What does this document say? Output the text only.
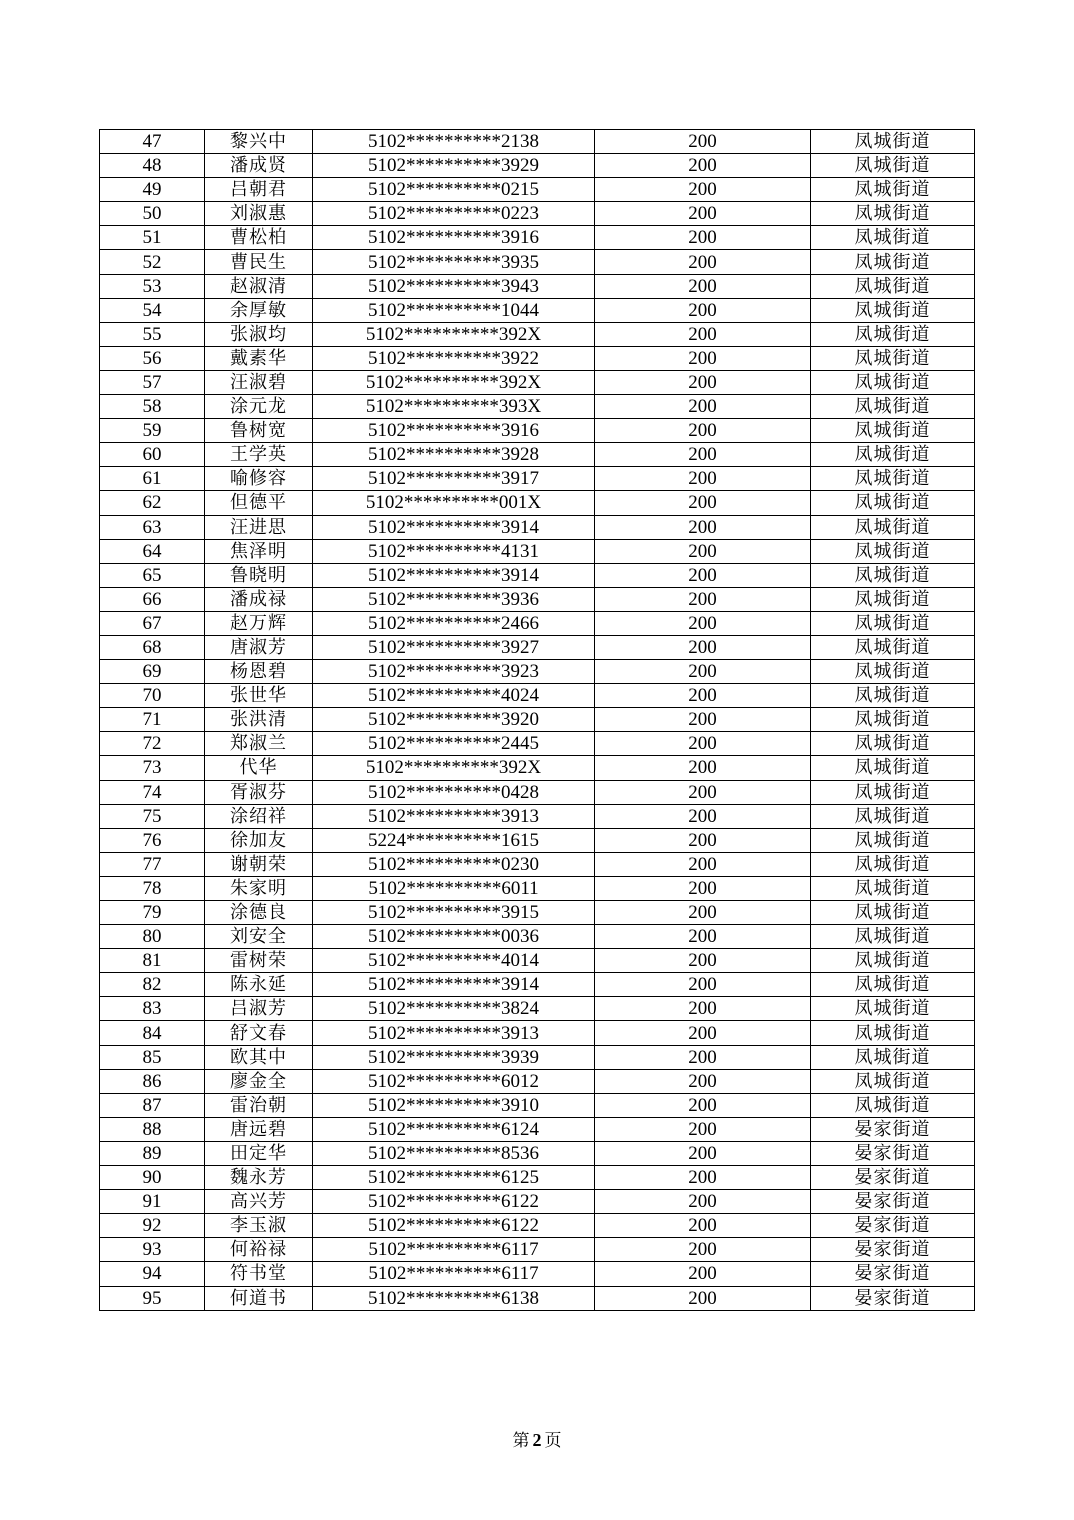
47	黎兴中	5102**********2138	200	凤城街道
48	潘成贤	5102**********3929	200	凤城街道
49	吕朝君	5102**********0215	200	凤城街道
50	刘淑惠	5102**********0223	200	凤城街道
51	曹松柏	5102**********3916	200	凤城街道
52	曹民生	5102**********3935	200	凤城街道
53	赵淑清	5102**********3943	200	凤城街道
54	余厚敏	5102**********1044	200	凤城街道
55	张淑均	5102**********392X	200	凤城街道
56	戴素华	5102**********3922	200	凤城街道
57	汪淑碧	5102**********392X	200	凤城街道
58	涂元龙	5102**********393X	200	凤城街道
59	鲁树宽	5102**********3916	200	凤城街道
60	王学英	5102**********3928	200	凤城街道
61	喻修容	5102**********3917	200	凤城街道
62	但德平	5102**********001X	200	凤城街道
63	汪进思	5102**********3914	200	凤城街道
64	焦泽明	5102**********4131	200	凤城街道
65	鲁晓明	5102**********3914	200	凤城街道
66	潘成禄	5102**********3936	200	凤城街道
67	赵万辉	5102**********2466	200	凤城街道
68	唐淑芳	5102**********3927	200	凤城街道
69	杨恩碧	5102**********3923	200	凤城街道
70	张世华	5102**********4024	200	凤城街道
71	张洪清	5102**********3920	200	凤城街道
72	郑淑兰	5102**********2445	200	凤城街道
73	代华	5102**********392X	200	凤城街道
74	胥淑芬	5102**********0428	200	凤城街道
75	涂绍祥	5102**********3913	200	凤城街道
76	徐加友	5224**********1615	200	凤城街道
77	谢朝荣	5102**********0230	200	凤城街道
78	朱家明	5102**********6011	200	凤城街道
79	涂德良	5102**********3915	200	凤城街道
80	刘安全	5102**********0036	200	凤城街道
81	雷树荣	5102**********4014	200	凤城街道
82	陈永延	5102**********3914	200	凤城街道
83	吕淑芳	5102**********3824	200	凤城街道
84	舒文春	5102**********3913	200	凤城街道
85	欧其中	5102**********3939	200	凤城街道
86	廖金全	5102**********6012	200	凤城街道
87	雷治朝	5102**********3910	200	凤城街道
88	唐远碧	5102**********6124	200	晏家街道
89	田定华	5102**********8536	200	晏家街道
90	魏永芳	5102**********6125	200	晏家街道
91	高兴芳	5102**********6122	200	晏家街道
92	李玉淑	5102**********6122	200	晏家街道
93	何裕禄	5102**********6117	200	晏家街道
94	符书堂	5102**********6117	200	晏家街道
95	何道书	5102**********6138	200	晏家街道
第 2 页
